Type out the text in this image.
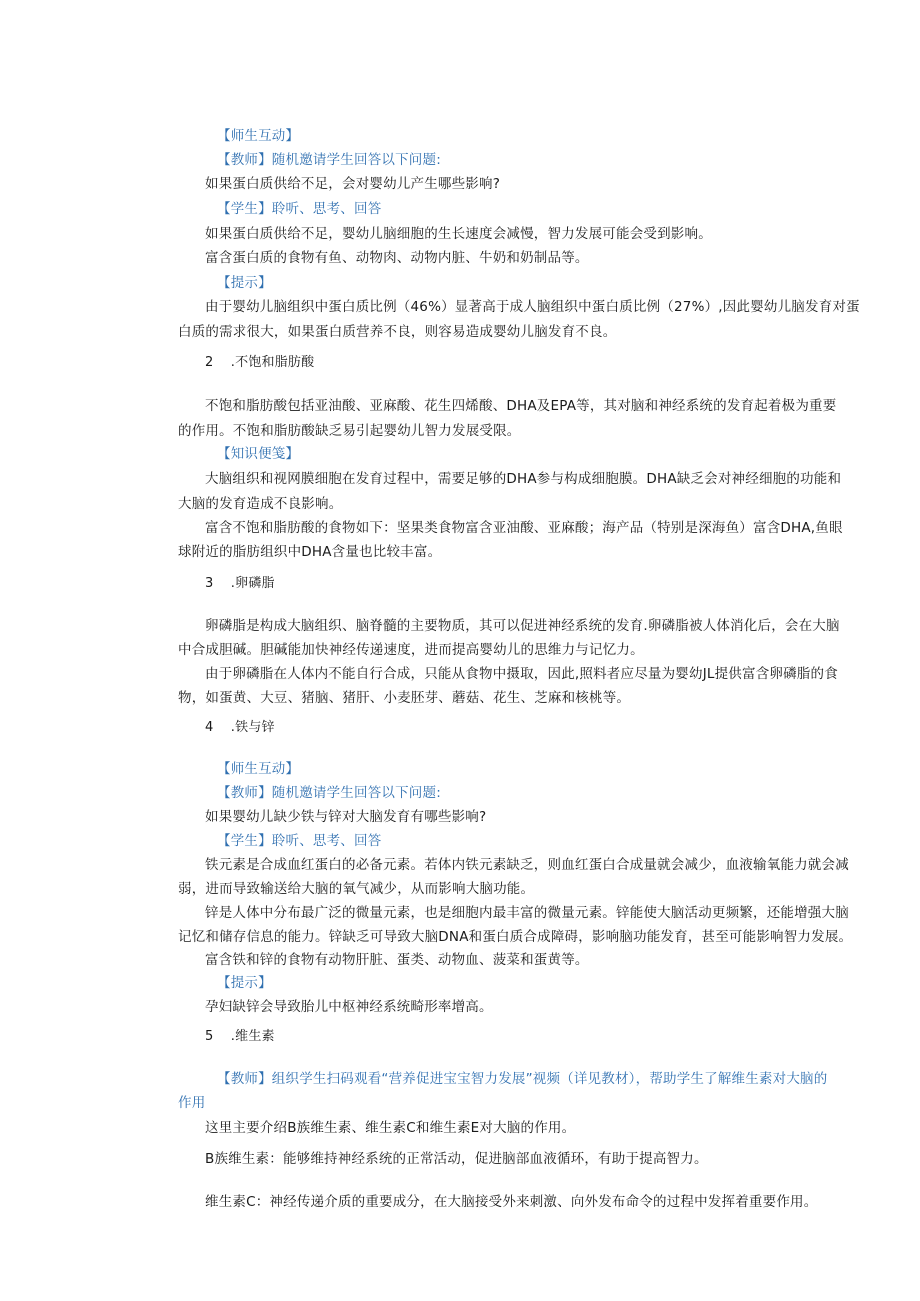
【师生互动】
【教师】随机邀请学生回答以下问题:
如果蛋白质供给不足，会对婴幼儿产生哪些影响?
【学生】聆听、思考、回答
如果蛋白质供给不足，婴幼儿脑细胞的生长速度会减慢，智力发展可能会受到影响。
富含蛋白质的食物有鱼、动物肉、动物内脏、牛奶和奶制品等。
【提示】
由于婴幼儿脑组织中蛋白质比例（46%）显著高于成人脑组织中蛋白质比例（27%）,因此婴幼儿脑发育对蛋
白质的需求很大，如果蛋白质营养不良，则容易造成婴幼儿脑发育不良。
2    .不饱和脂肪酸
不饱和脂肪酸包括亚油酸、亚麻酸、花生四烯酸、DHA及EPA等，其对脑和神经系统的发育起着极为重要
的作用。不饱和脂肪酸缺乏易引起婴幼儿智力发展受限。
【知识便笺】
大脑组织和视网膜细胞在发育过程中，需要足够的DHA参与构成细胞膜。DHA缺乏会对神经细胞的功能和
大脑的发育造成不良影响。
富含不饱和脂肪酸的食物如下：坚果类食物富含亚油酸、亚麻酸；海产品（特别是深海鱼）富含DHA,鱼眼
球附近的脂肪组织中DHA含量也比较丰富。
3    .卵磷脂
卵磷脂是构成大脑组织、脑脊髓的主要物质，其可以促进神经系统的发育.卵磷脂被人体消化后，会在大脑
中合成胆碱。胆碱能加快神经传递速度，进而提高婴幼儿的思维力与记忆力。
由于卵磷脂在人体内不能自行合成，只能从食物中摄取，因此,照料者应尽量为婴幼JL提供富含卵磷脂的食
物，如蛋黄、大豆、猪脑、猪肝、小麦胚芽、蘑菇、花生、芝麻和核桃等。
4    .铁与锌
【师生互动】
【教师】随机邀请学生回答以下问题:
如果婴幼儿缺少铁与锌对大脑发育有哪些影响?
【学生】聆听、思考、回答
铁元素是合成血红蛋白的必备元素。若体内铁元素缺乏，则血红蛋白合成量就会减少，血液输氧能力就会减
弱，进而导致输送给大脑的氧气减少，从而影响大脑功能。
锌是人体中分布最广泛的微量元素，也是细胞内最丰富的微量元素。锌能使大脑活动更频繁，还能增强大脑
记忆和储存信息的能力。锌缺乏可导致大脑DNA和蛋白质合成障碍，影响脑功能发育，甚至可能影响智力发展。
富含铁和锌的食物有动物肝脏、蛋类、动物血、菠菜和蛋黄等。
【提示】
孕妇缺锌会导致胎儿中枢神经系统畸形率增高。
5    .维生素
【教师】组织学生扫码观看“营养促进宝宝智力发展”视频（详见教材），帮助学生了解维生素对大脑的
作用
这里主要介绍B族维生素、维生素C和维生素E对大脑的作用。
B族维生素：能够维持神经系统的正常活动，促进脑部血液循环，有助于提高智力。
维生素C：神经传递介质的重要成分，在大脑接受外来刺激、向外发布命令的过程中发挥着重要作用。
